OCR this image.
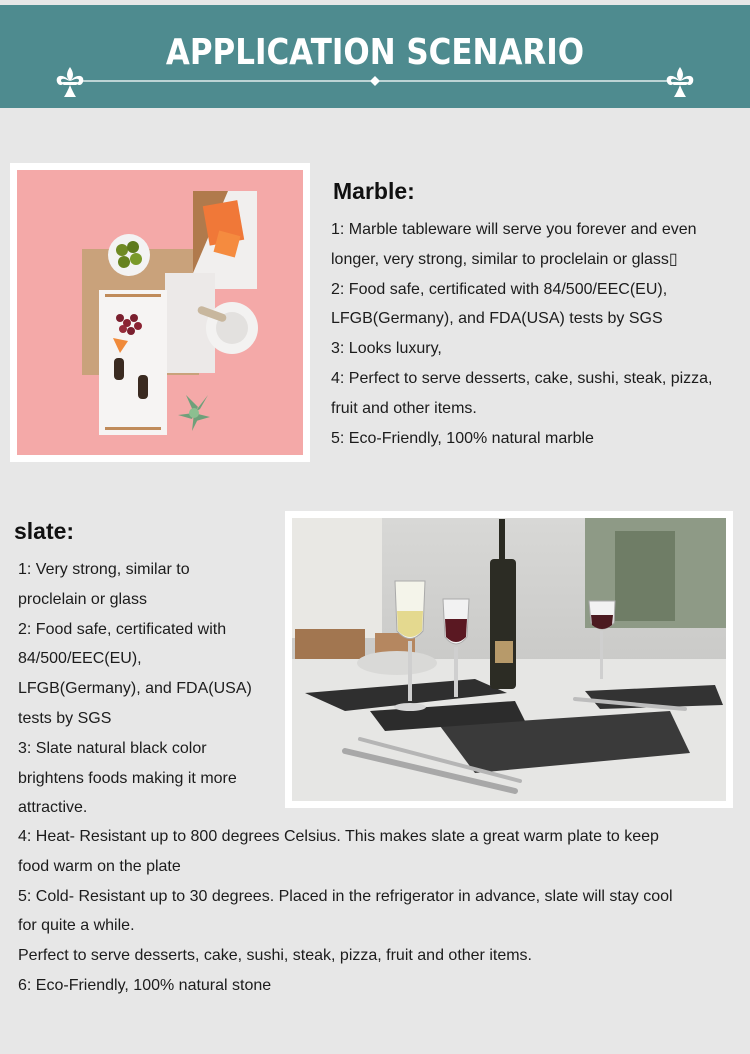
APPLICATION SCENARIO
Marble:
1: Marble tableware will serve you forever and even
longer, very strong, similar to proclelain or glass▯
2: Food safe, certificated with 84/500/EEC(EU),
LFGB(Germany), and FDA(USA) tests by SGS
3: Looks luxury,
4: Perfect to serve desserts, cake, sushi, steak, pizza,
fruit and other items.
5: Eco-Friendly, 100% natural marble
slate:
1: Very strong, similar to
proclelain or glass
2: Food safe, certificated with
84/500/EEC(EU),
LFGB(Germany), and FDA(USA)
tests by SGS
3: Slate natural black color
brightens foods making it more
attractive.
4: Heat- Resistant up to 800 degrees Celsius. This makes slate a great warm plate to keep
food warm on the plate
5: Cold- Resistant up to 30 degrees. Placed in the refrigerator in advance, slate will stay cool
for quite a while.
Perfect to serve desserts, cake, sushi, steak, pizza, fruit and other items.
6: Eco-Friendly, 100% natural stone
